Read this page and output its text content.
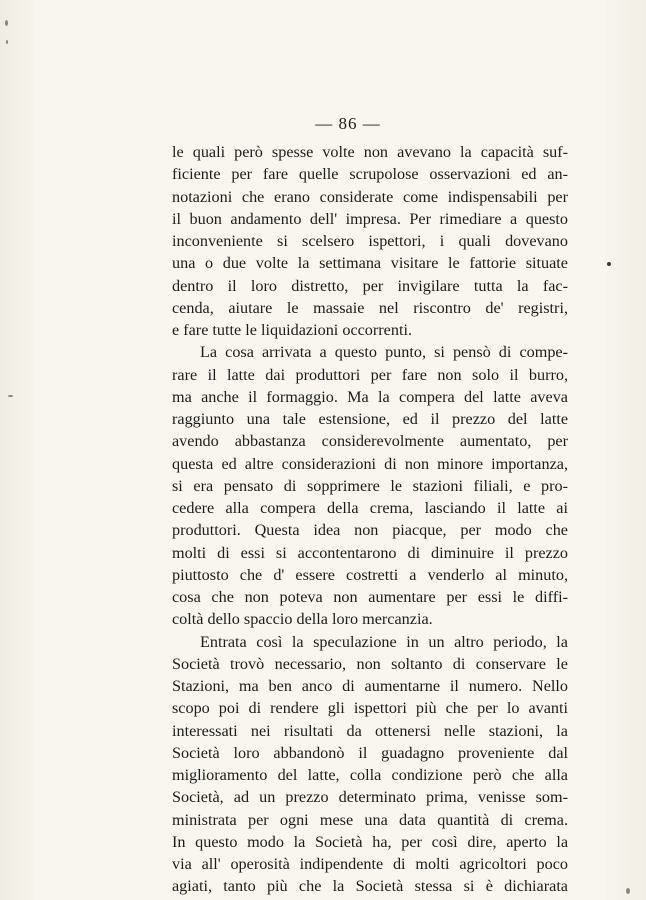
— 86 —
le quali però spesse volte non avevano la capacità suf-
ficiente per fare quelle scrupolose osservazioni ed an-
notazioni che erano considerate come indispensabili per
il buon andamento dell' impresa. Per rimediare a questo
inconveniente si scelsero ispettori, i quali dovevano
una o due volte la settimana visitare le fattorie situate
dentro il loro distretto, per invigilare tutta la fac-
cenda, aiutare le massaie nel riscontro de' registri,
e fare tutte le liquidazioni occorrenti.
La cosa arrivata a questo punto, si pensò di compe-
rare il latte dai produttori per fare non solo il burro,
ma anche il formaggio. Ma la compera del latte aveva
raggiunto una tale estensione, ed il prezzo del latte
avendo abbastanza considerevolmente aumentato, per
questa ed altre considerazioni di non minore importanza,
si era pensato di sopprimere le stazioni filiali, e pro-
cedere alla compera della crema, lasciando il latte ai
produttori. Questa idea non piacque, per modo che
molti di essi si accontentarono di diminuire il prezzo
piuttosto che d' essere costretti a venderlo al minuto,
cosa che non poteva non aumentare per essi le diffi-
coltà dello spaccio della loro mercanzia.
Entrata così la speculazione in un altro periodo, la
Società trovò necessario, non soltanto di conservare le
Stazioni, ma ben anco di aumentarne il numero. Nello
scopo poi di rendere gli ispettori più che per lo avanti
interessati nei risultati da ottenersi nelle stazioni, la
Società loro abbandonò il guadagno proveniente dal
miglioramento del latte, colla condizione però che alla
Società, ad un prezzo determinato prima, venisse som-
ministrata per ogni mese una data quantità di crema.
In questo modo la Società ha, per così dire, aperto la
via all' operosità indipendente di molti agricoltori poco
agiati, tanto più che la Società stessa si è dichiarata
